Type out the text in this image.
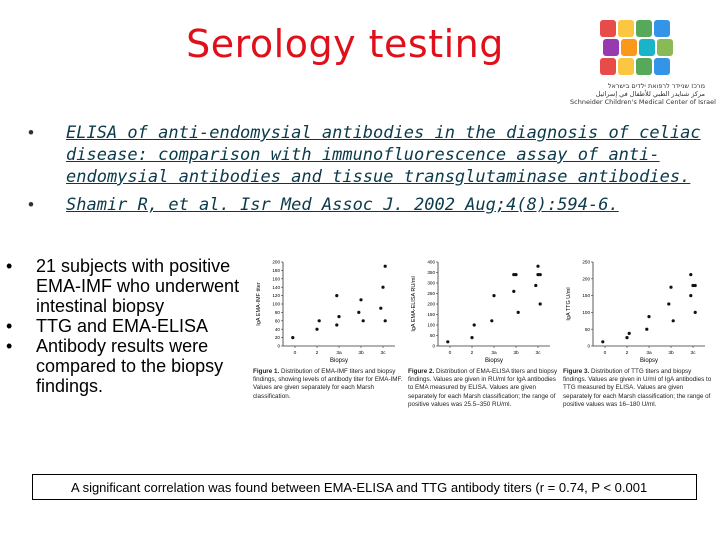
Serology testing
מרכז שניידר לרפואת ילדים בישראל
مركز شنايدر الطبي للأطفال في إسرائيل
Schneider Children's Medical Center of Israel
• ELISA of anti-endomysial antibodies in the diagnosis of celiac disease: comparison with immunofluorescence assay of anti-endomysial antibodies and tissue transglutaminase antibodies.
• Shamir R, et al. Isr Med Assoc J. 2002 Aug;4(8):594-6.
• 21 subjects with positive EMA-IMF who underwent intestinal biopsy
• TTG and EMA-ELISA
• Antibody results were compared to the biopsy findings.
IgA EMA-IMF titer
Biopsy
0
20
40
60
80
100
120
140
160
180
200
0	2	3a	3b	3c
Figure 1. Distribution of EMA-IMF titers and biopsy findings, showing levels of antibody titer for EMA-IMF. Values are given separately for each Marsh classification.
IgA EMA-ELISA RU/ml
Biopsy
0
50
100
150
200
250
300
350
400
0	2	3a	3b	3c
Figure 2. Distribution of EMA-ELISA titers and biopsy findings. Values are given in RU/ml for IgA antibodies to EMA measured by ELISA. Values are given separately for each Marsh classification; the range of positive values was 25.5–350 RU/ml.
IgA TTG U/ml
Biopsy
0
50
100
150
200
250
0	2	3a	3b	3c
Figure 3. Distribution of TTG titers and biopsy findings. Values are given in U/ml of IgA antibodies to TTG measured by ELISA. Values are given separately for each Marsh classification; the range of positive values was 16–180 U/ml.
A significant correlation was found between EMA-ELISA and TTG antibody titers (r = 0.74, P < 0.001
